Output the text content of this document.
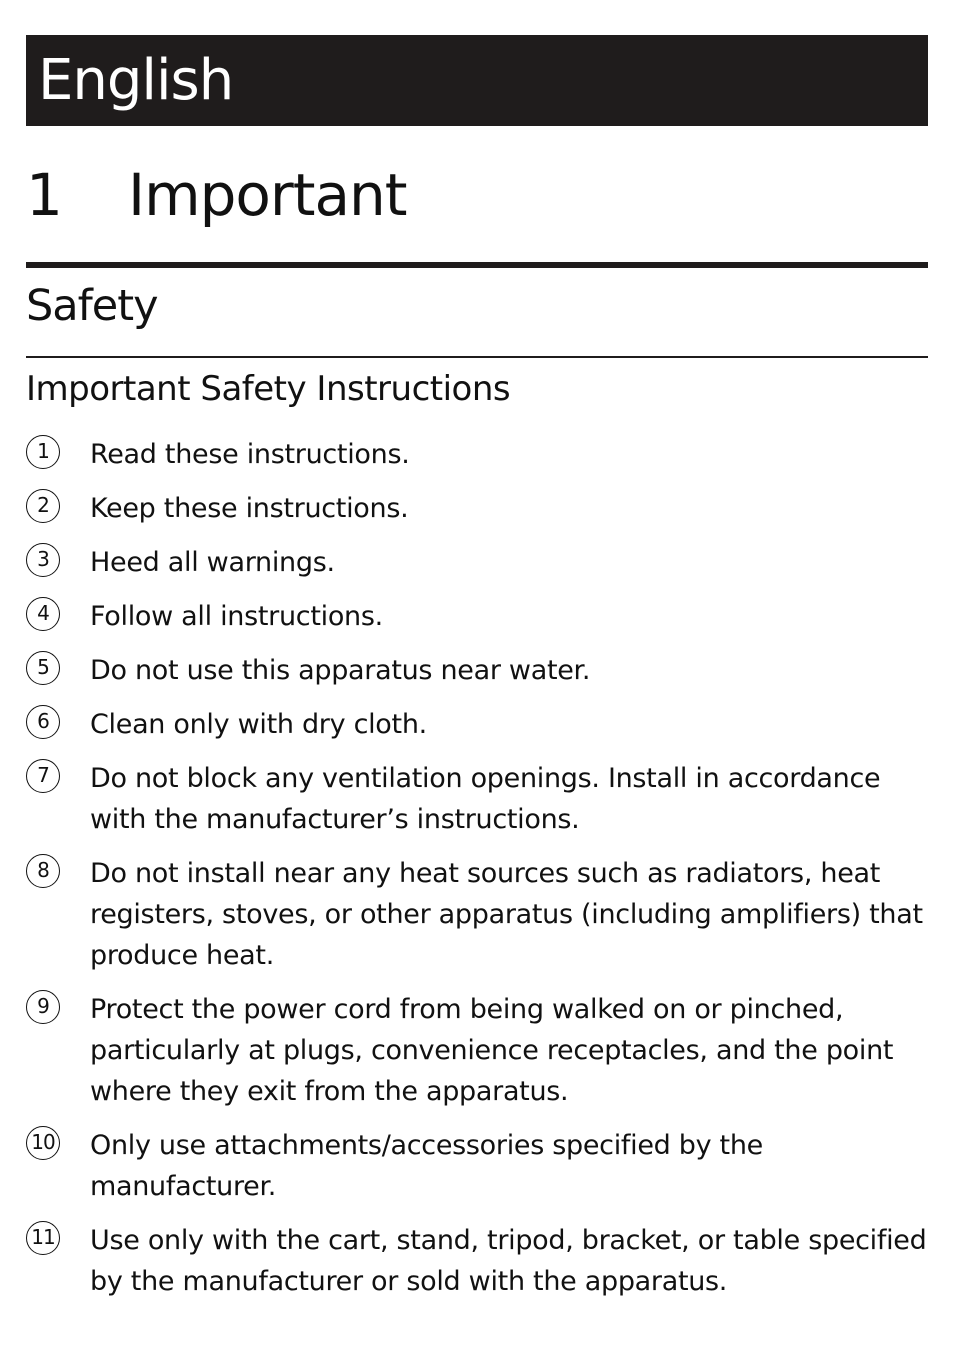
English
1 Important
Safety
Important Safety Instructions
1	Read these instructions.
2	Keep these instructions.
3	Heed all warnings.
4	Follow all instructions.
5	Do not use this apparatus near water.
6	Clean only with dry cloth.
7	Do not block any ventilation openings. Install in accordance with the manufacturer’s instructions.
8	Do not install near any heat sources such as radiators, heat registers, stoves, or other apparatus (including amplifiers) that produce heat.
9	Protect the power cord from being walked on or pinched, particularly at plugs, convenience receptacles, and the point where they exit from the apparatus.
10 Only use attachments/accessories specified by the manufacturer.
11 Use only with the cart, stand, tripod, bracket, or table specified by the manufacturer or sold with the apparatus.
